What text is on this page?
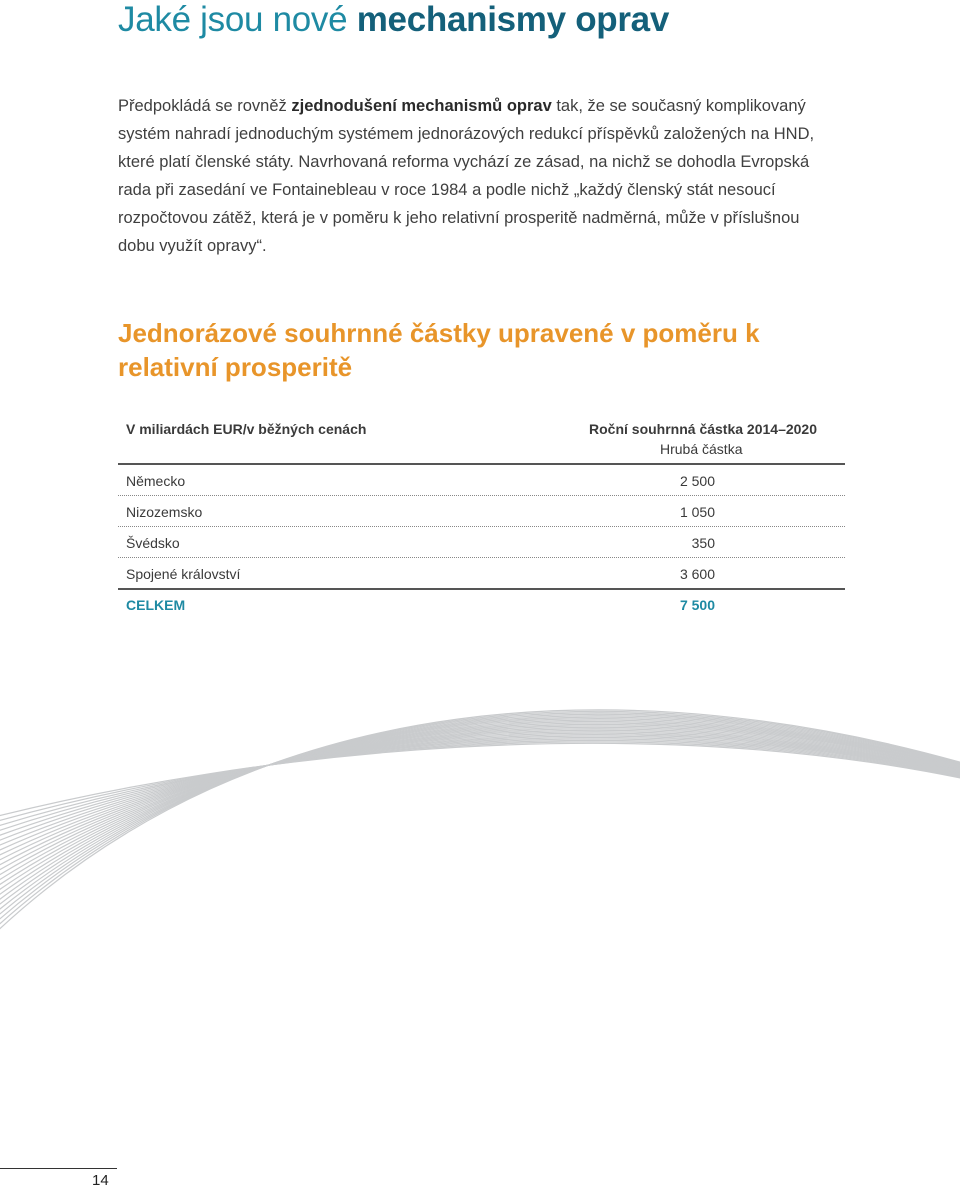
Jaké jsou nové mechanismy oprav

Předpokládá se rovněž zjednodušení mechanismů oprav tak, že se současný komplikovaný systém nahradí jednoduchým systémem jednorázových redukcí příspěvků založených na HND, které platí členské státy. Navrhovaná reforma vychází ze zásad, na nichž se dohodla Evropská rada při zasedání ve Fontainebleau v roce 1984 a podle nichž „každý členský stát nesoucí rozpočtovou zátěž, která je v poměru k jeho relativní prosperitě nadměrná, může v příslušnou dobu využít opravy“.

Jednorázové souhrnné částky upravené v poměru k relativní prosperitě
V miliardách EUR/v běžných cenách	Roční souhrnná částka 2014–2020
Hrubá částka
Německo	2 500
Nizozemsko	1 050
Švédsko	350
Spojené království	3 600
CELKEM	7 500
14
